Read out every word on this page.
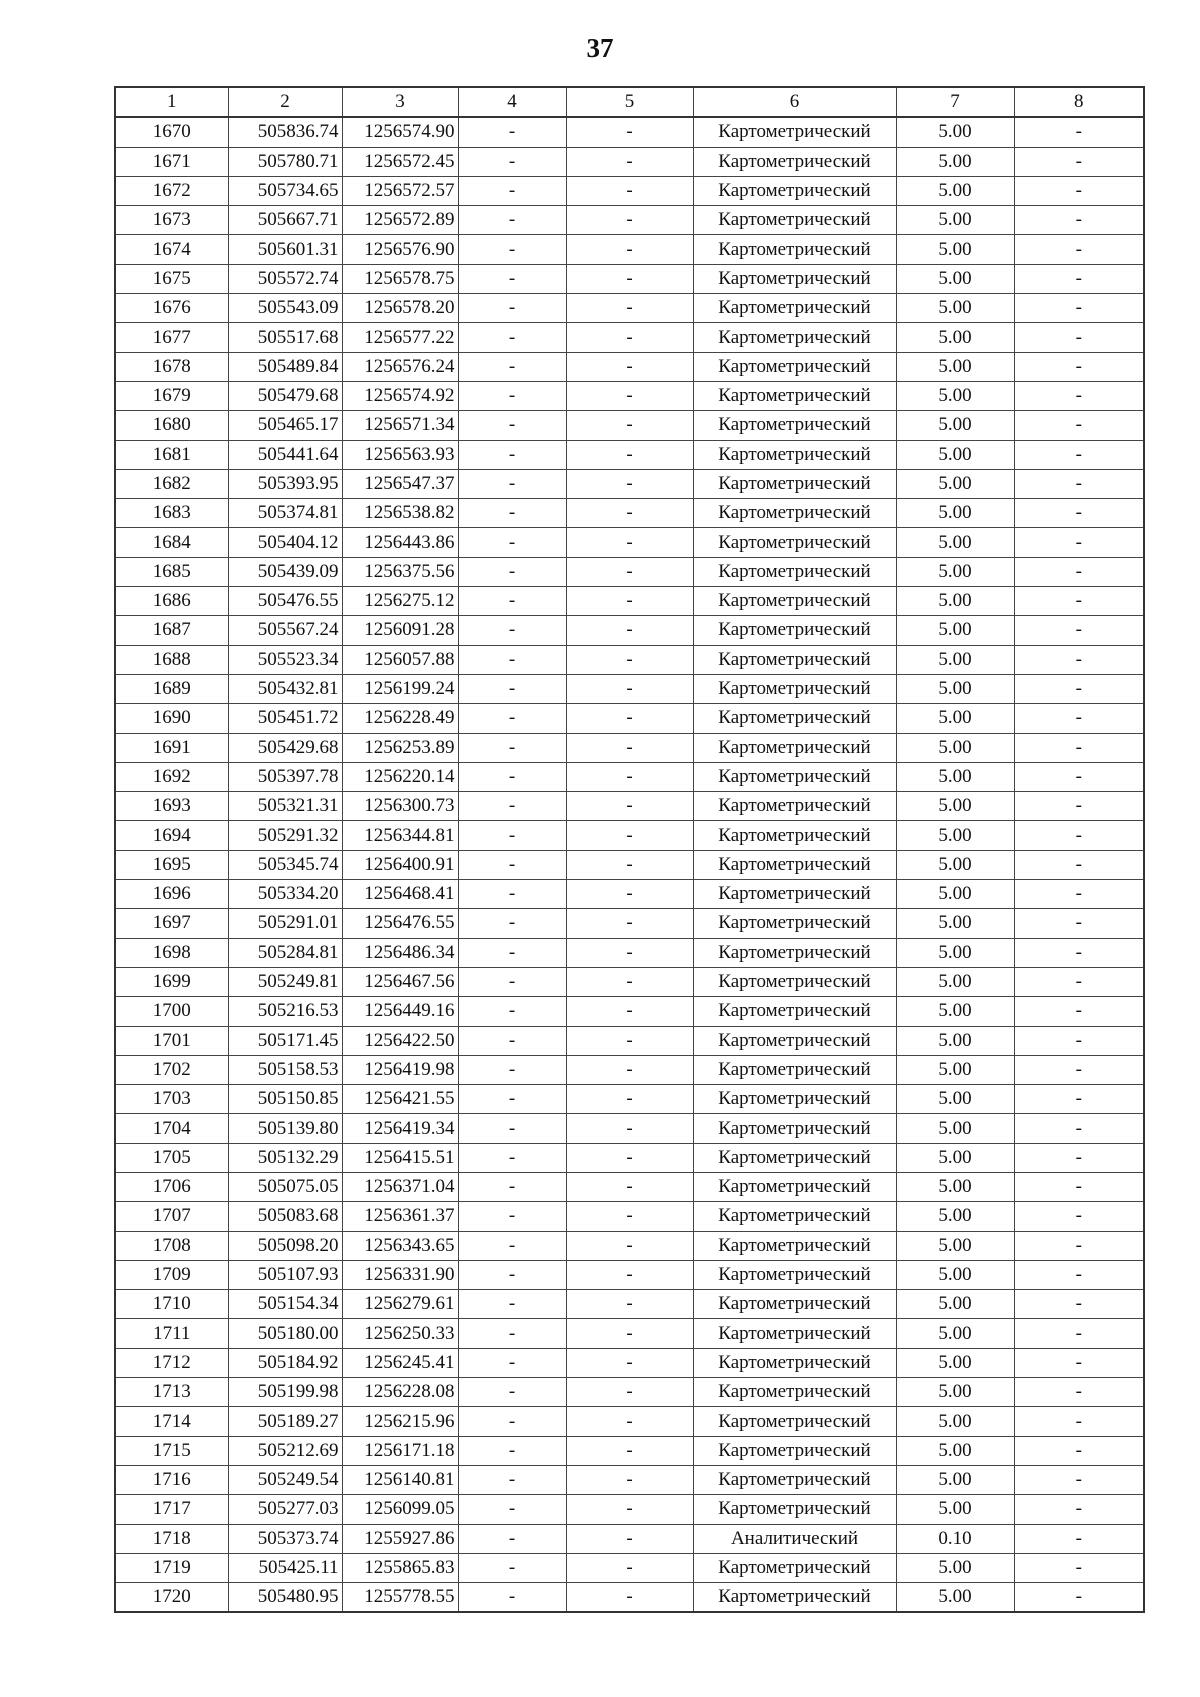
37
1	2	3	4	5	6	7	8
1670	505836.74	1256574.90	-	-	Картометрический	5.00	-
1671	505780.71	1256572.45	-	-	Картометрический	5.00	-
1672	505734.65	1256572.57	-	-	Картометрический	5.00	-
1673	505667.71	1256572.89	-	-	Картометрический	5.00	-
1674	505601.31	1256576.90	-	-	Картометрический	5.00	-
1675	505572.74	1256578.75	-	-	Картометрический	5.00	-
1676	505543.09	1256578.20	-	-	Картометрический	5.00	-
1677	505517.68	1256577.22	-	-	Картометрический	5.00	-
1678	505489.84	1256576.24	-	-	Картометрический	5.00	-
1679	505479.68	1256574.92	-	-	Картометрический	5.00	-
1680	505465.17	1256571.34	-	-	Картометрический	5.00	-
1681	505441.64	1256563.93	-	-	Картометрический	5.00	-
1682	505393.95	1256547.37	-	-	Картометрический	5.00	-
1683	505374.81	1256538.82	-	-	Картометрический	5.00	-
1684	505404.12	1256443.86	-	-	Картометрический	5.00	-
1685	505439.09	1256375.56	-	-	Картометрический	5.00	-
1686	505476.55	1256275.12	-	-	Картометрический	5.00	-
1687	505567.24	1256091.28	-	-	Картометрический	5.00	-
1688	505523.34	1256057.88	-	-	Картометрический	5.00	-
1689	505432.81	1256199.24	-	-	Картометрический	5.00	-
1690	505451.72	1256228.49	-	-	Картометрический	5.00	-
1691	505429.68	1256253.89	-	-	Картометрический	5.00	-
1692	505397.78	1256220.14	-	-	Картометрический	5.00	-
1693	505321.31	1256300.73	-	-	Картометрический	5.00	-
1694	505291.32	1256344.81	-	-	Картометрический	5.00	-
1695	505345.74	1256400.91	-	-	Картометрический	5.00	-
1696	505334.20	1256468.41	-	-	Картометрический	5.00	-
1697	505291.01	1256476.55	-	-	Картометрический	5.00	-
1698	505284.81	1256486.34	-	-	Картометрический	5.00	-
1699	505249.81	1256467.56	-	-	Картометрический	5.00	-
1700	505216.53	1256449.16	-	-	Картометрический	5.00	-
1701	505171.45	1256422.50	-	-	Картометрический	5.00	-
1702	505158.53	1256419.98	-	-	Картометрический	5.00	-
1703	505150.85	1256421.55	-	-	Картометрический	5.00	-
1704	505139.80	1256419.34	-	-	Картометрический	5.00	-
1705	505132.29	1256415.51	-	-	Картометрический	5.00	-
1706	505075.05	1256371.04	-	-	Картометрический	5.00	-
1707	505083.68	1256361.37	-	-	Картометрический	5.00	-
1708	505098.20	1256343.65	-	-	Картометрический	5.00	-
1709	505107.93	1256331.90	-	-	Картометрический	5.00	-
1710	505154.34	1256279.61	-	-	Картометрический	5.00	-
1711	505180.00	1256250.33	-	-	Картометрический	5.00	-
1712	505184.92	1256245.41	-	-	Картометрический	5.00	-
1713	505199.98	1256228.08	-	-	Картометрический	5.00	-
1714	505189.27	1256215.96	-	-	Картометрический	5.00	-
1715	505212.69	1256171.18	-	-	Картометрический	5.00	-
1716	505249.54	1256140.81	-	-	Картометрический	5.00	-
1717	505277.03	1256099.05	-	-	Картометрический	5.00	-
1718	505373.74	1255927.86	-	-	Аналитический	0.10	-
1719	505425.11	1255865.83	-	-	Картометрический	5.00	-
1720	505480.95	1255778.55	-	-	Картометрический	5.00	-
